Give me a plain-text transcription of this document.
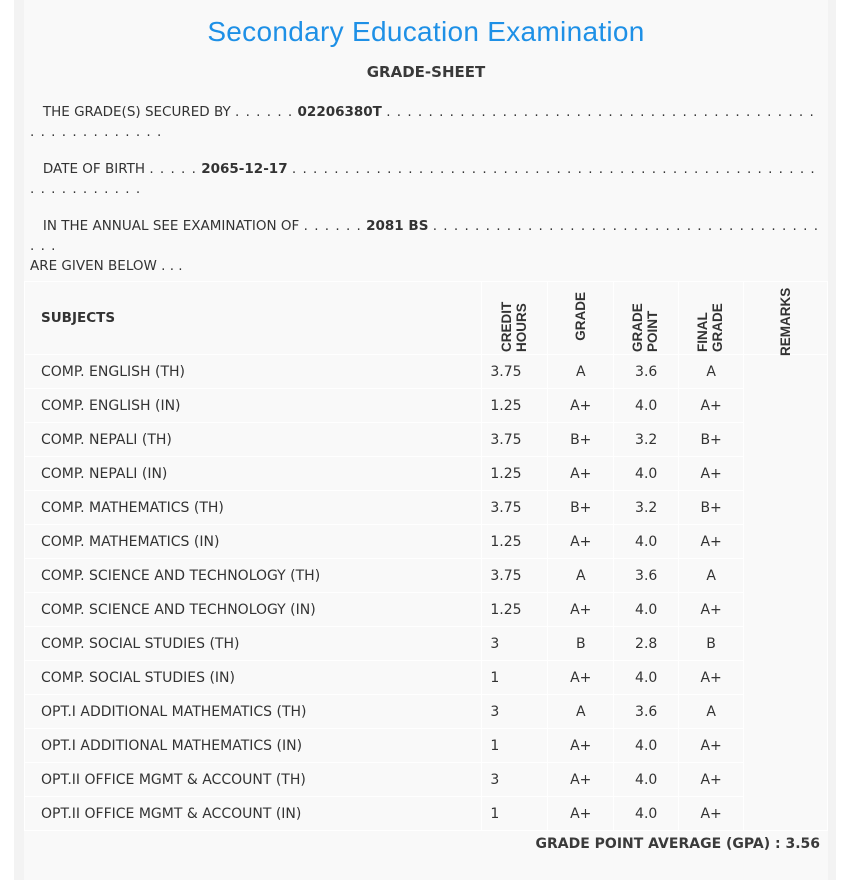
Secondary Education Examination
GRADE-SHEET
THE GRADE(S) SECURED BY . . . . . . 02206380T . . . . . . . . . . . . . . . . . . . . . . . . . . . . . . . . . . . . . . . . . . . . . . . . . . . . . .
DATE OF BIRTH . . . . . 2065-12-17 . . . . . . . . . . . . . . . . . . . . . . . . . . . . . . . . . . . . . . . . . . . . . . . . . . . . . . . . . . . . .
IN THE ANNUAL SEE EXAMINATION OF . . . . . . 2081 BS . . . . . . . . . . . . . . . . . . . . . . . . . . . . . . . . . . . . . . . .
ARE GIVEN BELOW . . .
SUBJECTS	CREDIT HOURS	GRADE	GRADE POINT	FINAL GRADE	REMARKS
COMP. ENGLISH (TH)	3.75	A	3.6	A	
COMP. ENGLISH (IN)	1.25	A+	4.0	A+	
COMP. NEPALI (TH)	3.75	B+	3.2	B+	
COMP. NEPALI (IN)	1.25	A+	4.0	A+	
COMP. MATHEMATICS (TH)	3.75	B+	3.2	B+	
COMP. MATHEMATICS (IN)	1.25	A+	4.0	A+	
COMP. SCIENCE AND TECHNOLOGY (TH)	3.75	A	3.6	A	
COMP. SCIENCE AND TECHNOLOGY (IN)	1.25	A+	4.0	A+	
COMP. SOCIAL STUDIES (TH)	3	B	2.8	B	
COMP. SOCIAL STUDIES (IN)	1	A+	4.0	A+	
OPT.I ADDITIONAL MATHEMATICS (TH)	3	A	3.6	A	
OPT.I ADDITIONAL MATHEMATICS (IN)	1	A+	4.0	A+	
OPT.II OFFICE MGMT & ACCOUNT (TH)	3	A+	4.0	A+	
OPT.II OFFICE MGMT & ACCOUNT (IN)	1	A+	4.0	A+	
GRADE POINT AVERAGE (GPA) : 3.56
